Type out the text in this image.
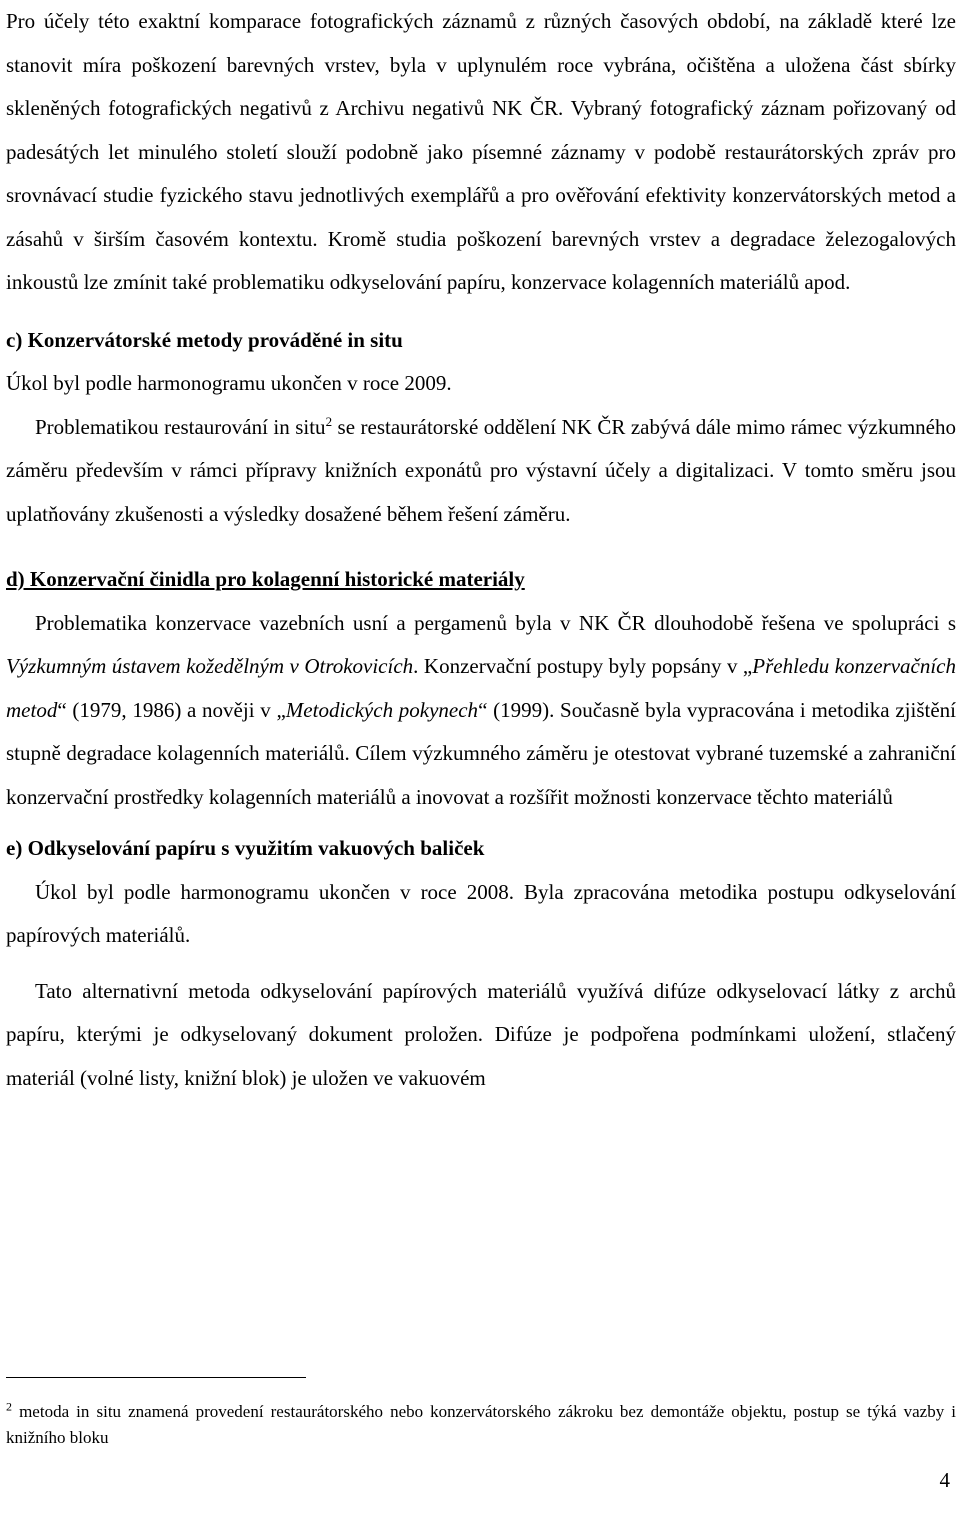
Pro účely této exaktní komparace fotografických záznamů z různých časových období, na základě které lze stanovit míra poškození barevných vrstev, byla v uplynulém roce vybrána, očištěna a uložena část sbírky skleněných fotografických negativů z Archivu negativů NK ČR. Vybraný fotografický záznam pořizovaný od padesátých let minulého století slouží podobně jako písemné záznamy v podobě restaurátorských zpráv pro srovnávací studie fyzického stavu jednotlivých exemplářů a pro ověřování efektivity konzervátorských metod a zásahů v širším časovém kontextu. Kromě studia poškození barevných vrstev a degradace železogalových inkoustů lze zmínit také problematiku odkyselování papíru, konzervace kolagenních materiálů apod.

c) Konzervátorské metody prováděné in situ

Úkol byl podle harmonogramu ukončen v roce 2009.

Problematikou restaurování in situ$^2$ se restaurátorské oddělení NK ČR zabývá dále mimo rámec výzkumného záměru především v rámci přípravy knižních exponátů pro výstavní účely a digitalizaci. V tomto směru jsou uplatňovány zkušenosti a výsledky dosažené během řešení záměru.

d) Konzervační činidla pro kolagenní historické materiály

Problematika konzervace vazebních usní a pergamenů byla v NK ČR dlouhodobě řešena ve spolupráci s Výzkumným ústavem kožedělným v Otrokovicích. Konzervační postupy byly popsány v „Přehledu konzervačních metod“ (1979, 1986) a nověji v „Metodických pokynech“ (1999). Současně byla vypracována i metodika zjištění stupně degradace kolagenních materiálů. Cílem výzkumného záměru je otestovat vybrané tuzemské a zahraniční konzervační prostředky kolagenních materiálů a inovovat a rozšířit možnosti konzervace těchto materiálů

e) Odkyselování papíru s využitím vakuových baliček

Úkol byl podle harmonogramu ukončen v roce 2008. Byla zpracována metodika postupu odkyselování papírových materiálů.

Tato alternativní metoda odkyselování papírových materiálů využívá difúze odkyselovací látky z archů papíru, kterými je odkyselovaný dokument proložen. Difúze je podpořena podmínkami uložení, stlačený materiál (volné listy, knižní blok) je uložen ve vakuovém

$^2$ metoda in situ znamená provedení restaurátorského nebo konzervátorského zákroku bez demontáže objektu, postup se týká vazby i knižního bloku
4
